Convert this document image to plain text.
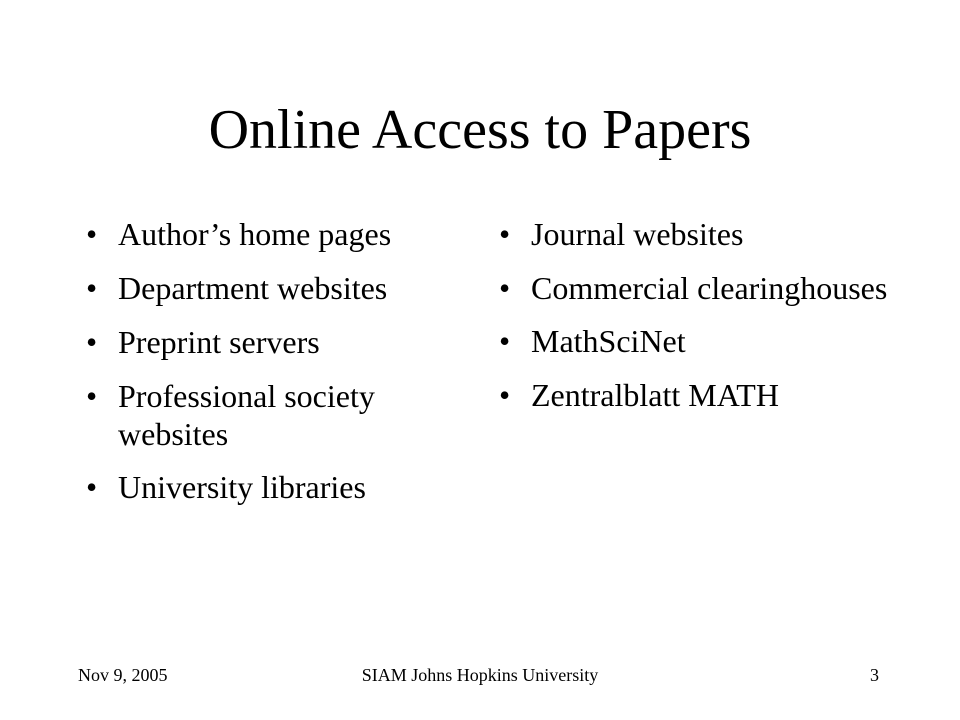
Online Access to Papers
• Author’s home pages
• Department websites
• Preprint servers
• Professional society websites
• University libraries
• Journal websites
• Commercial clearinghouses
• MathSciNet
• Zentralblatt MATH
Nov 9, 2005	SIAM Johns Hopkins University	3
